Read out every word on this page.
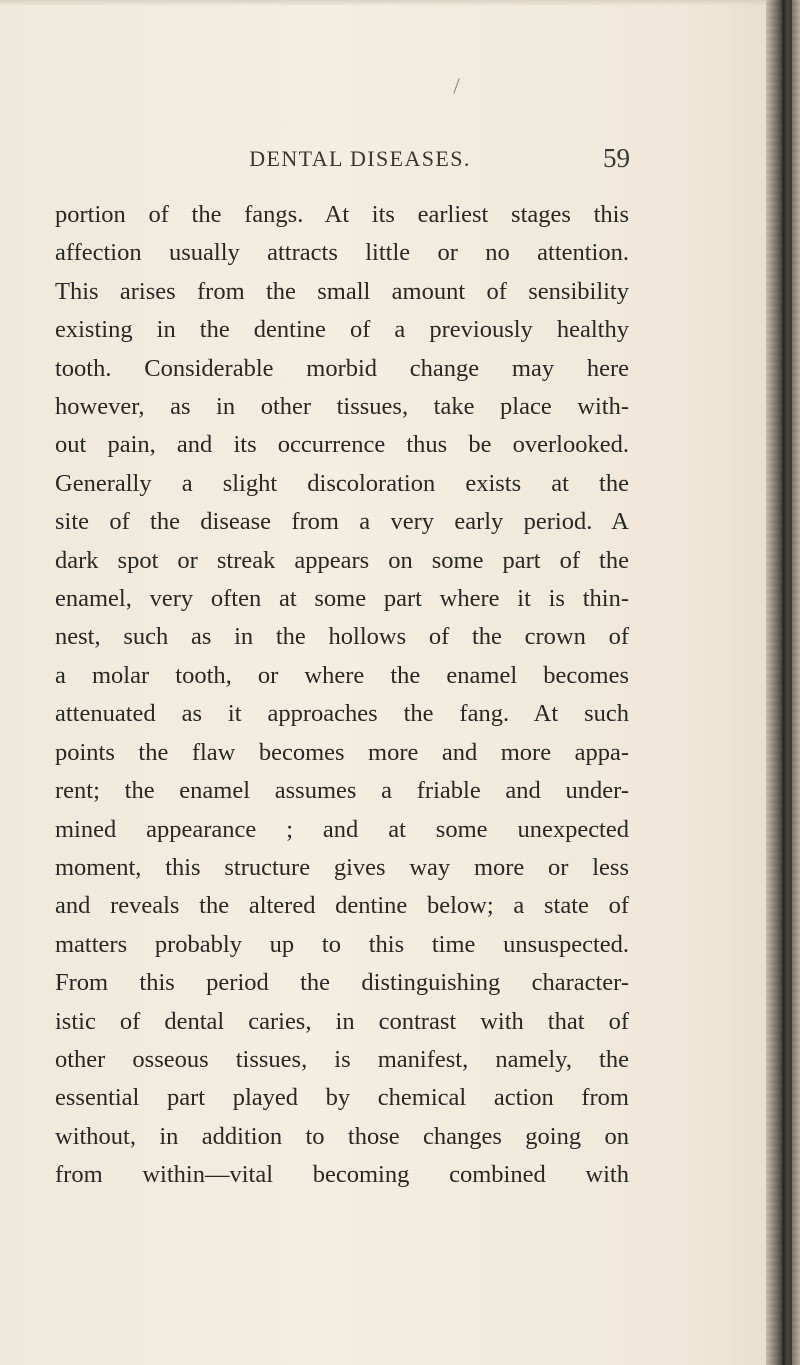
DENTAL DISEASES.	59
portion of the fangs. At its earliest stages this
affection usually attracts little or no attention.
This arises from the small amount of sensibility
existing in the dentine of a previously healthy
tooth. Considerable morbid change may here
however, as in other tissues, take place with-
out pain, and its occurrence thus be overlooked.
Generally a slight discoloration exists at the
site of the disease from a very early period. A
dark spot or streak appears on some part of the
enamel, very often at some part where it is thin-
nest, such as in the hollows of the crown of
a molar tooth, or where the enamel becomes
attenuated as it approaches the fang. At such
points the flaw becomes more and more appa-
rent; the enamel assumes a friable and under-
mined appearance ; and at some unexpected
moment, this structure gives way more or less
and reveals the altered dentine below; a state of
matters probably up to this time unsuspected.
From this period the distinguishing character-
istic of dental caries, in contrast with that of
other osseous tissues, is manifest, namely, the
essential part played by chemical action from
without, in addition to those changes going on
from within—vital becoming combined with
